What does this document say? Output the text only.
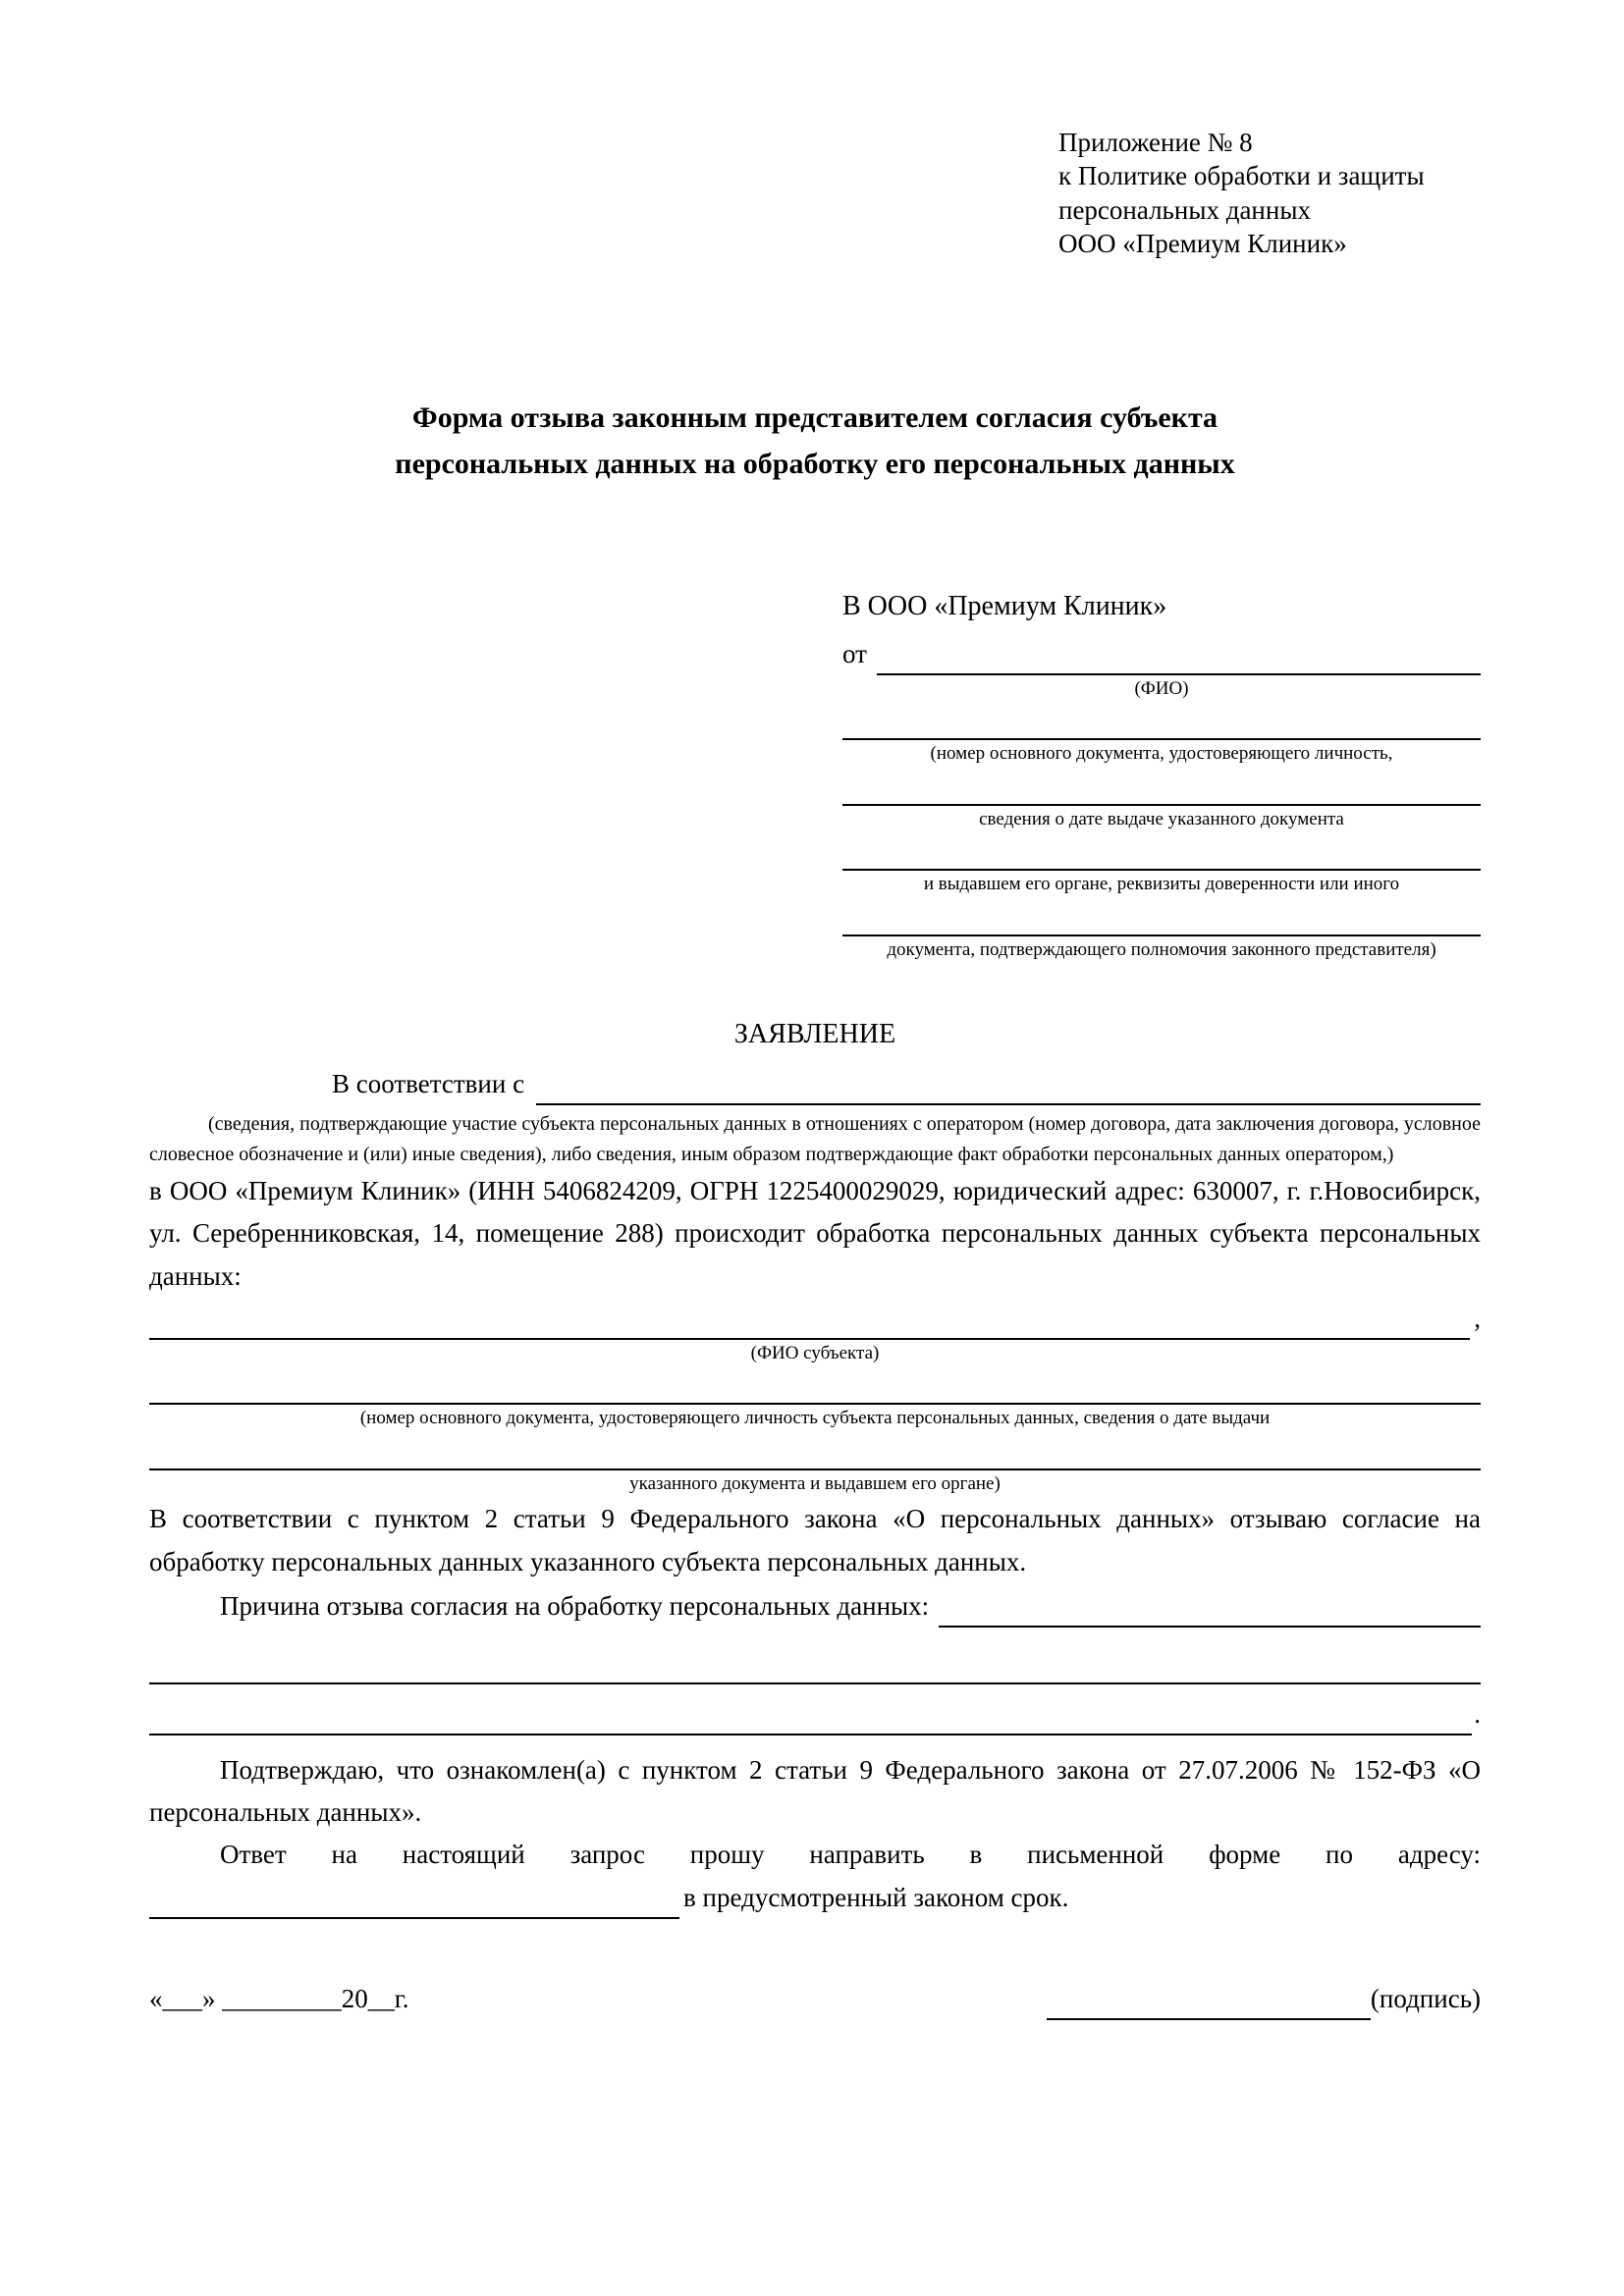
Приложение № 8
к Политике обработки и защиты
персональных данных
ООО «Премиум Клиник»
Форма отзыва законным представителем согласия субъекта
персональных данных на обработку его персональных данных
В ООО «Премиум Клиник»
от
(ФИО)
(номер основного документа, удостоверяющего личность,
сведения о дате выдаче указанного документа
и выдавшем его органе, реквизиты доверенности или иного
документа, подтверждающего полномочия законного представителя)
ЗАЯВЛЕНИЕ
В соответствии с
(сведения, подтверждающие участие субъекта персональных данных в отношениях с оператором (номер договора, дата заключения договора, условное словесное обозначение и (или) иные сведения), либо сведения, иным образом подтверждающие факт обработки персональных данных оператором,)

в ООО «Премиум Клиник» (ИНН 5406824209, ОГРН 1225400029029, юридический адрес: 630007, г. г.Новосибирск, ул. Серебренниковская, 14, помещение 288) происходит обработка персональных данных субъекта персональных данных:

,
(ФИО субъекта)
(номер основного документа, удостоверяющего личность субъекта персональных данных, сведения о дате выдачи
указанного документа и выдавшем его органе)

В соответствии с пунктом 2 статьи 9 Федерального закона «О персональных данных» отзываю согласие на обработку персональных данных указанного субъекта персональных данных.

Причина отзыва согласия на обработку персональных данных:
.

Подтверждаю, что ознакомлен(а) с пунктом 2 статьи 9 Федерального закона от 27.07.2006 № 152-ФЗ «О персональных данных».

Ответ на настоящий запрос прошу направить в письменной форме по адресу:

в предусмотренный законом срок.
«___» _________20__г.	(подпись)
